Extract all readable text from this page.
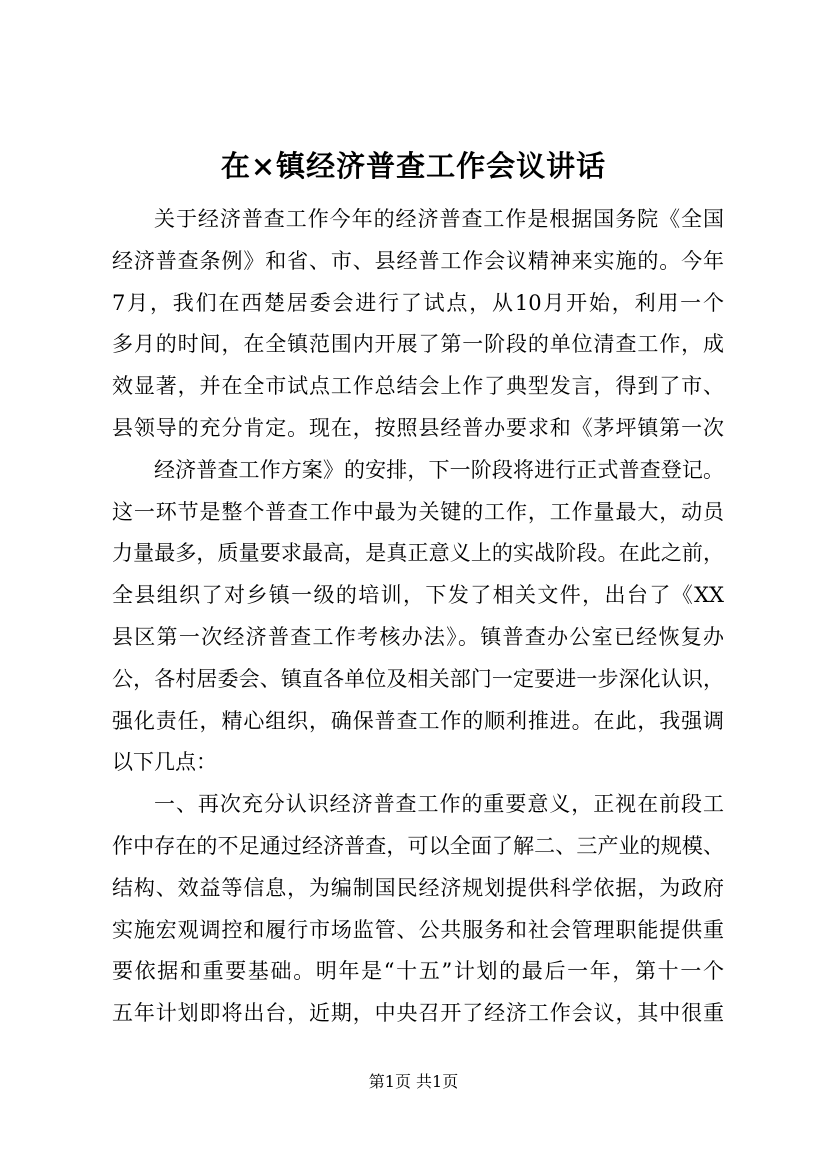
在×镇经济普查工作会议讲话
关于经济普查工作今年的经济普查工作是根据国务院《全国
经济普查条例》和省、市、县经普工作会议精神来实施的。今年
7月，我们在西楚居委会进行了试点，从10月开始，利用一个
多月的时间，在全镇范围内开展了第一阶段的单位清查工作，成
效显著，并在全市试点工作总结会上作了典型发言，得到了市、
县领导的充分肯定。现在，按照县经普办要求和《茅坪镇第一次
经济普查工作方案》的安排，下一阶段将进行正式普查登记。
这一环节是整个普查工作中最为关键的工作，工作量最大，动员
力量最多，质量要求最高，是真正意义上的实战阶段。在此之前，
全县组织了对乡镇一级的培训，下发了相关文件，出台了《XX
县区第一次经济普查工作考核办法》。镇普查办公室已经恢复办
公，各村居委会、镇直各单位及相关部门一定要进一步深化认识，
强化责任，精心组织，确保普查工作的顺利推进。在此，我强调
以下几点：
一、再次充分认识经济普查工作的重要意义，正视在前段工
作中存在的不足通过经济普查，可以全面了解二、三产业的规模、
结构、效益等信息，为编制国民经济规划提供科学依据，为政府
实施宏观调控和履行市场监管、公共服务和社会管理职能提供重
要依据和重要基础。明年是“十五”计划的最后一年，第十一个
五年计划即将出台，近期，中央召开了经济工作会议，其中很重
第1页 共1页
